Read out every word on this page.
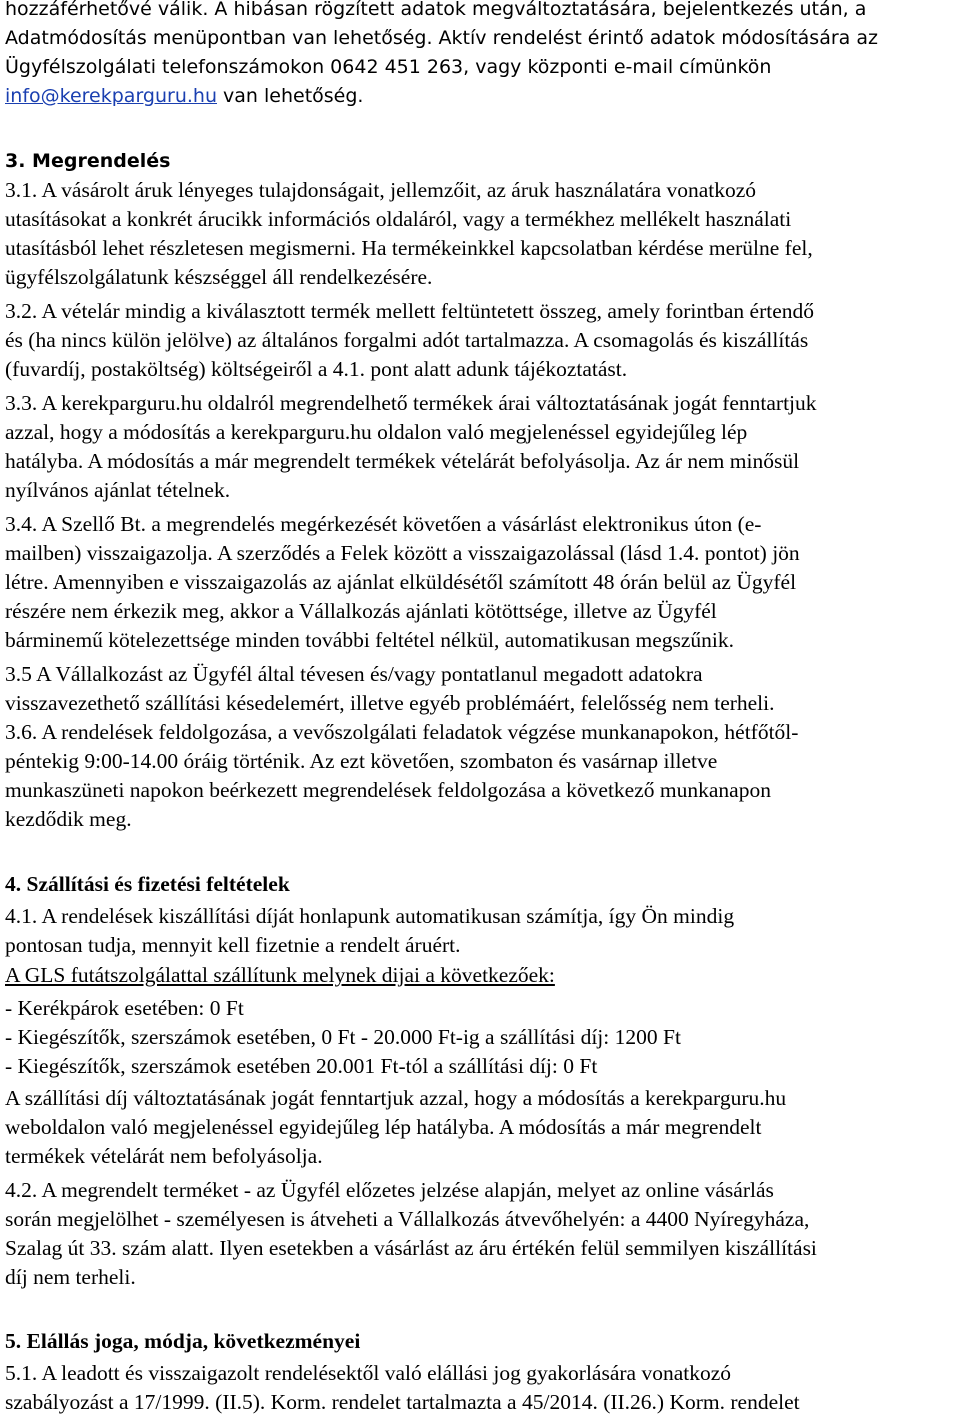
hozzáférhetővé válik. A hibásan rögzített adatok megváltoztatására, bejelentkezés után, a
Adatmódosítás menüpontban van lehetőség. Aktív rendelést érintő adatok módosítására az
Ügyfélszolgálati telefonszámokon 0642 451 263, vagy központi e-mail címünkön
info@kerekparguru.hu van lehetőség.
3. Megrendelés
3.1. A vásárolt áruk lényeges tulajdonságait, jellemzőit, az áruk használatára vonatkozó
utasításokat a konkrét árucikk információs oldaláról, vagy a termékhez mellékelt használati
utasításból lehet részletesen megismerni. Ha termékeinkkel kapcsolatban kérdése merülne fel,
ügyfélszolgálatunk készséggel áll rendelkezésére.
3.2. A vételár mindig a kiválasztott termék mellett feltüntetett összeg, amely forintban értendő
és (ha nincs külön jelölve) az általános forgalmi adót tartalmazza. A csomagolás és kiszállítás
(fuvardíj, postaköltség) költségeiről a 4.1. pont alatt adunk tájékoztatást.
3.3. A kerekparguru.hu oldalról megrendelhető termékek árai változtatásának jogát fenntartjuk
azzal, hogy a módosítás a kerekparguru.hu oldalon való megjelenéssel egyidejűleg lép
hatályba. A módosítás a már megrendelt termékek vételárát befolyásolja. Az ár nem minősül
nyílvános ajánlat tételnek.
3.4. A Szellő Bt. a megrendelés megérkezését követően a vásárlást elektronikus úton (e-
mailben) visszaigazolja. A szerződés a Felek között a visszaigazolással (lásd 1.4. pontot) jön
létre. Amennyiben e visszaigazolás az ajánlat elküldésétől számított 48 órán belül az Ügyfél
részére nem érkezik meg, akkor a Vállalkozás ajánlati kötöttsége, illetve az Ügyfél
bárminemű kötelezettsége minden további feltétel nélkül, automatikusan megszűnik.
3.5 A Vállalkozást az Ügyfél által tévesen és/vagy pontatlanul megadott adatokra
visszavezethető szállítási késedelemért, illetve egyéb problémáért, felelősség nem terheli.
3.6. A rendelések feldolgozása, a vevőszolgálati feladatok végzése munkanapokon, hétfőtől-
péntekig 9:00-14.00 óráig történik. Az ezt követően, szombaton és vasárnap illetve
munkaszüneti napokon beérkezett megrendelések feldolgozása a következő munkanapon
kezdődik meg.
4. Szállítási és fizetési feltételek
4.1. A rendelések kiszállítási díját honlapunk automatikusan számítja, így Ön mindig
pontosan tudja, mennyit kell fizetnie a rendelt áruért.
A GLS futátszolgálattal szállítunk melynek dijai a következőek:
- Kerékpárok esetében: 0 Ft
- Kiegészítők, szerszámok esetében, 0 Ft - 20.000 Ft-ig a szállítási díj: 1200 Ft
- Kiegészítők, szerszámok esetében 20.001 Ft-tól a szállítási díj: 0 Ft
A szállítási díj változtatásának jogát fenntartjuk azzal, hogy a módosítás a kerekparguru.hu
weboldalon való megjelenéssel egyidejűleg lép hatályba. A módosítás a már megrendelt
termékek vételárát nem befolyásolja.
4.2. A megrendelt terméket - az Ügyfél előzetes jelzése alapján, melyet az online vásárlás
során megjelölhet - személyesen is átveheti a Vállalkozás átvevőhelyén: a 4400 Nyíregyháza,
Szalag út 33. szám alatt. Ilyen esetekben a vásárlást az áru értékén felül semmilyen kiszállítási
díj nem terheli.
5. Elállás joga, módja, következményei
5.1. A leadott és visszaigazolt rendelésektől való elállási jog gyakorlására vonatkozó
szabályozást a 17/1999. (II.5). Korm. rendelet tartalmazta a 45/2014. (II.26.) Korm. rendelet
